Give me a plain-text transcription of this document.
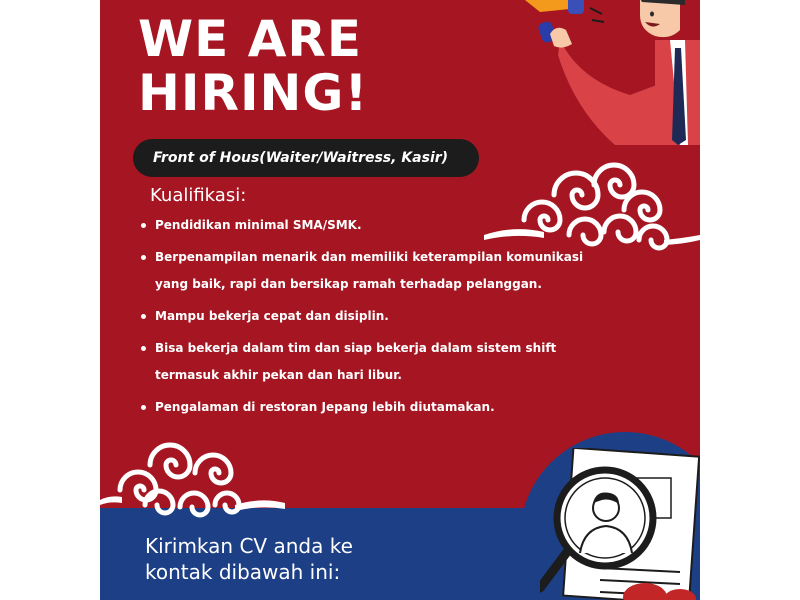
WE ARE
HIRING!
Front of Hous(Waiter/Waitress, Kasir)
Kualifikasi:
Pendidikan minimal SMA/SMK.
Berpenampilan menarik dan memiliki keterampilan komunikasi yang baik, rapi dan bersikap ramah terhadap pelanggan.
Mampu bekerja cepat dan disiplin.
Bisa bekerja dalam tim dan siap bekerja dalam sistem shift termasuk akhir pekan dan hari libur.
Pengalaman di restoran Jepang lebih diutamakan.

Kirimkan CV anda ke
kontak dibawah ini:
